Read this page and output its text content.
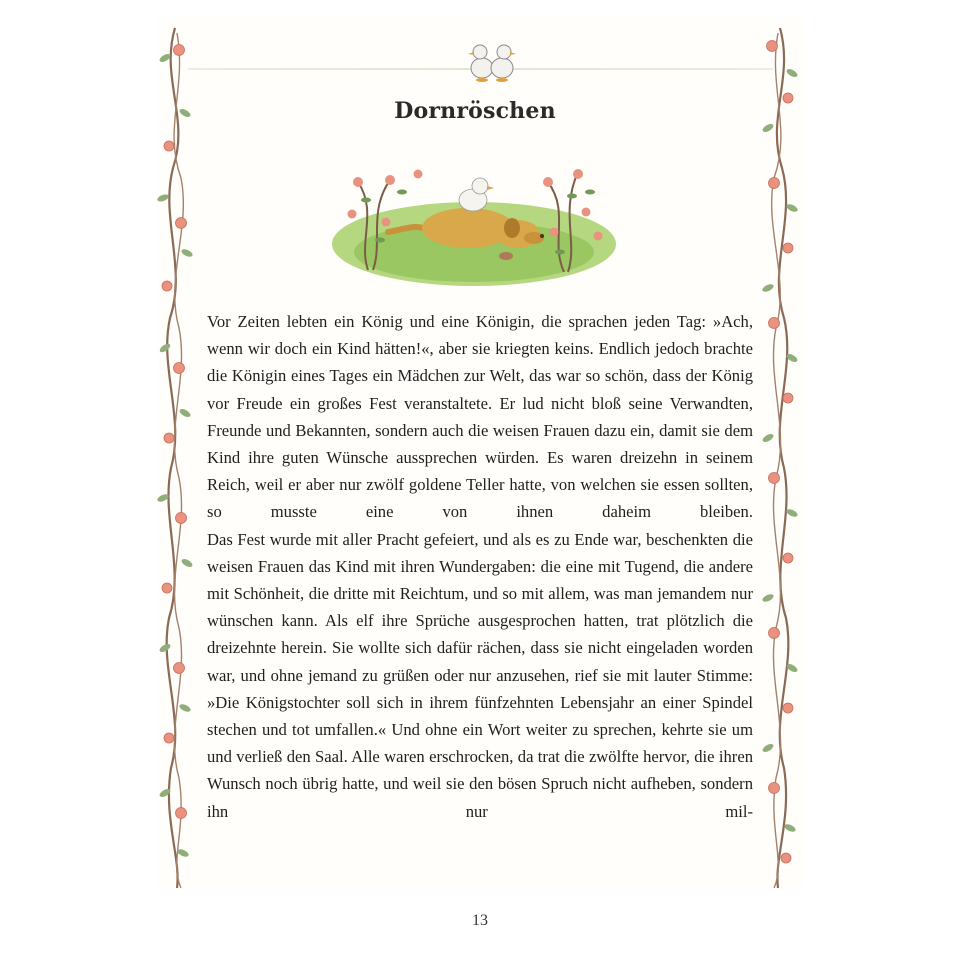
Dornröschen

Vor Zeiten lebten ein König und eine Königin, die sprachen jeden Tag: »Ach, wenn wir doch ein Kind hätten!«, aber sie kriegten keins. Endlich jedoch brachte die Königin eines Tages ein Mädchen zur Welt, das war so schön, dass der König vor Freude ein großes Fest veranstaltete. Er lud nicht bloß seine Verwandten, Freunde und Bekannten, sondern auch die weisen Frauen dazu ein, damit sie dem Kind ihre guten Wünsche aussprechen würden. Es waren dreizehn in seinem Reich, weil er aber nur zwölf goldene Teller hatte, von welchen sie essen sollten, so musste eine von ihnen daheim bleiben.

Das Fest wurde mit aller Pracht gefeiert, und als es zu Ende war, beschenkten die weisen Frauen das Kind mit ihren Wundergaben: die eine mit Tugend, die andere mit Schönheit, die dritte mit Reichtum, und so mit allem, was man jemandem nur wünschen kann. Als elf ihre Sprüche ausgesprochen hatten, trat plötzlich die dreizehnte herein. Sie wollte sich dafür rächen, dass sie nicht eingeladen worden war, und ohne jemand zu grüßen oder nur anzusehen, rief sie mit lauter Stimme: »Die Königstochter soll sich in ihrem fünfzehnten Lebensjahr an einer Spindel stechen und tot umfallen.« Und ohne ein Wort weiter zu sprechen, kehrte sie um und verließ den Saal. Alle waren erschrocken, da trat die zwölfte hervor, die ihren Wunsch noch übrig hatte, und weil sie den bösen Spruch nicht aufheben, sondern ihn nur mil-

13
